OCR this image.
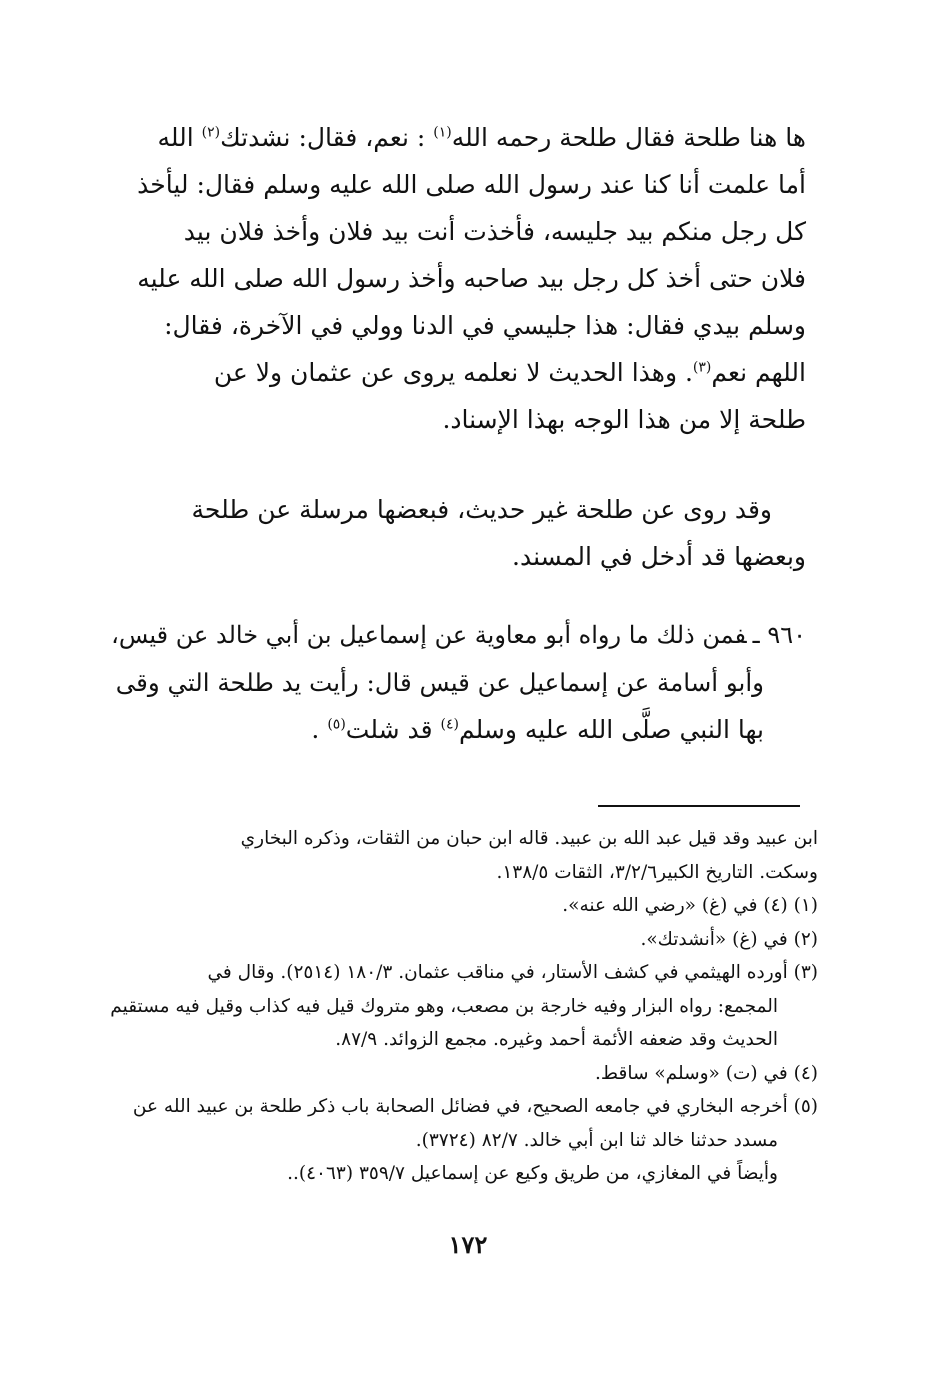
ها هنا طلحة فقال طلحة رحمه الله$^{(١)}$ : نعم، فقال: نشدتك$^{(٢)}$ الله
أما علمت أنا كنا عند رسول الله صلى الله عليه وسلم فقال: ليأخذ
كل رجل منكم بيد جليسه، فأخذت أنت بيد فلان وأخذ فلان بيد
فلان حتى أخذ كل رجل بيد صاحبه وأخذ رسول الله صلى الله عليه
وسلم بيدي فقال: هذا جليسي في الدنا وولي في الآخرة، فقال:
اللهم نعم$^{(٣)}$. وهذا الحديث لا نعلمه يروى عن عثمان ولا عن
طلحة إلا من هذا الوجه بهذا الإسناد.
وقد روى عن طلحة غير حديث، فبعضها مرسلة عن طلحة
وبعضها قد أدخل في المسند.
٩٦٠ ـفمن ذلك ما رواه أبو معاوية عن إسماعيل بن أبي خالد عن قيس،
وأبو أسامة عن إسماعيل عن قيس قال: رأيت يد طلحة التي وقى
بها النبي صلَّى الله عليه وسلم$^{(٤)}$ قد شلت$^{(٥)}$ .
ابن عبيد وقد قيل عبد الله بن عبيد. قاله ابن حبان من الثقات، وذكره البخاري
وسكت. التاريخ الكبير٣/٢/٦، الثقات ١٣٨/٥.
(١) (٤) في (غ) «رضي الله عنه».
(٢) في (غ) «أنشدتك».
(٣) أورده الهيثمي في كشف الأستار، في مناقب عثمان. ١٨٠/٣ (٢٥١٤). وقال في
المجمع: رواه البزار وفيه خارجة بن مصعب، وهو متروك قيل فيه كذاب وقيل فيه مستقيم
الحديث وقد ضعفه الأئمة أحمد وغيره. مجمع الزوائد. ٨٧/٩.
(٤) في (ت) «وسلم» ساقط.
(٥) أخرجه البخاري في جامعه الصحيح، في فضائل الصحابة باب ذكر طلحة بن عبيد الله عن
مسدد حدثنا خالد ثنا ابن أبي خالد. ٨٢/٧ (٣٧٢٤).
وأيضاً في المغازي، من طريق وكيع عن إسماعيل ٣٥٩/٧ (٤٠٦٣)..
١٧٢
